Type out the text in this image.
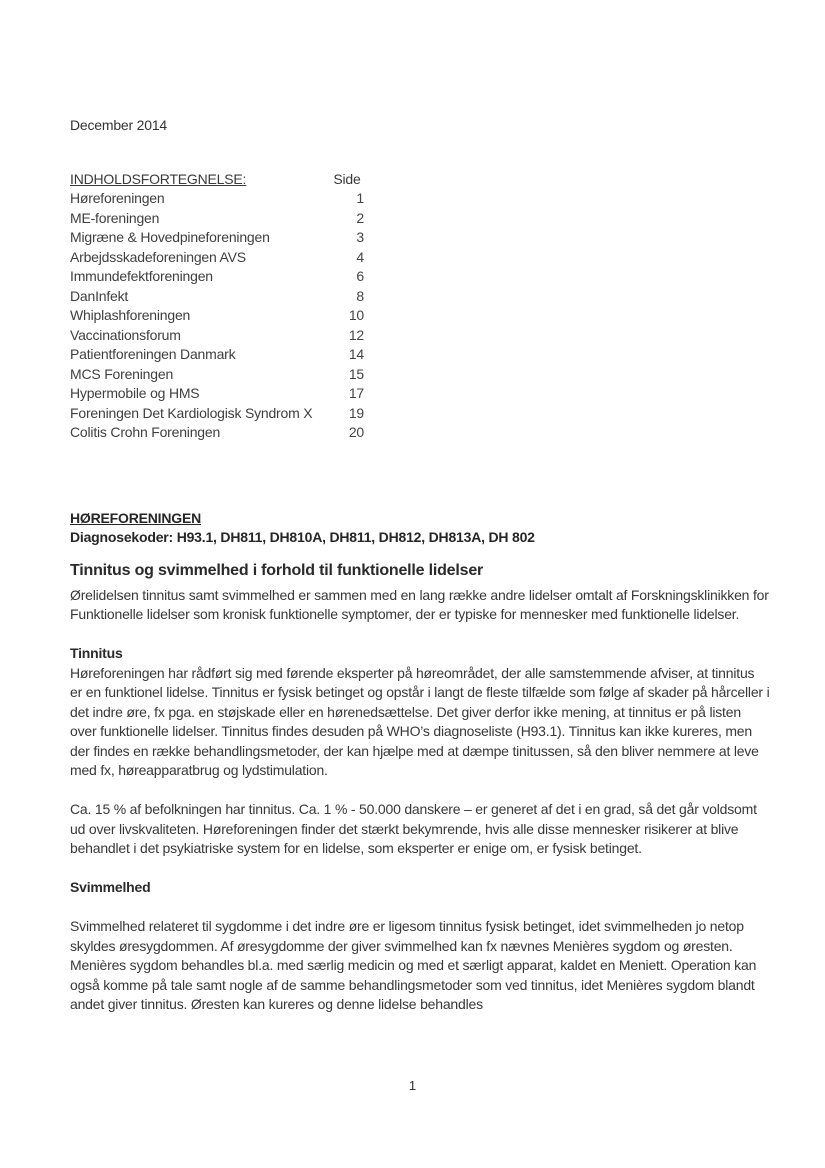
December 2014
INDHOLDSFORTEGNELSE:	Side
Høreforeningen	1
ME-foreningen	2
Migræne & Hovedpineforeningen	3
Arbejdsskadeforeningen AVS	4
Immundefektforeningen	6
DanInfekt	8
Whiplashforeningen	10
Vaccinationsforum	12
Patientforeningen Danmark	14
MCS Foreningen	15
Hypermobile og HMS	17
Foreningen Det Kardiologisk Syndrom X	19
Colitis Crohn Foreningen	20
HØREFORENINGEN
Diagnosekoder: H93.1, DH811, DH810A, DH811, DH812, DH813A, DH 802
Tinnitus og svimmelhed i forhold til funktionelle lidelser

Ørelidelsen tinnitus samt svimmelhed er sammen med en lang række andre lidelser omtalt af Forskningsklinikken for Funktionelle lidelser som kronisk funktionelle symptomer, der er typiske for mennesker med funktionelle lidelser.

Tinnitus

Høreforeningen har rådført sig med førende eksperter på høreområdet, der alle samstemmende afviser, at tinnitus er en funktionel lidelse. Tinnitus er fysisk betinget og opstår i langt de fleste tilfælde som følge af skader på hårceller i det indre øre, fx pga. en støjskade eller en hørenedsættelse. Det giver derfor ikke mening, at tinnitus er på listen over funktionelle lidelser. Tinnitus findes desuden på WHO’s diagnoseliste (H93.1). Tinnitus kan ikke kureres, men der findes en række behandlingsmetoder, der kan hjælpe med at dæmpe tinitussen, så den bliver nemmere at leve med fx, høreapparatbrug og lydstimulation.

Ca. 15 % af befolkningen har tinnitus. Ca. 1 % - 50.000 danskere – er generet af det i en grad, så det går voldsomt ud over livskvaliteten. Høreforeningen finder det stærkt bekymrende, hvis alle disse mennesker risikerer at blive behandlet i det psykiatriske system for en lidelse, som eksperter er enige om, er fysisk betinget.

Svimmelhed

Svimmelhed relateret til sygdomme i det indre øre er ligesom tinnitus fysisk betinget, idet svimmelheden jo netop skyldes øresygdommen. Af øresygdomme der giver svimmelhed kan fx nævnes Menières sygdom og øresten. Menières sygdom behandles bl.a. med særlig medicin og med et særligt apparat, kaldet en Meniett. Operation kan også komme på tale samt nogle af de samme behandlingsmetoder som ved tinnitus, idet Menières sygdom blandt andet giver tinnitus. Øresten kan kureres og denne lidelse behandles

1
